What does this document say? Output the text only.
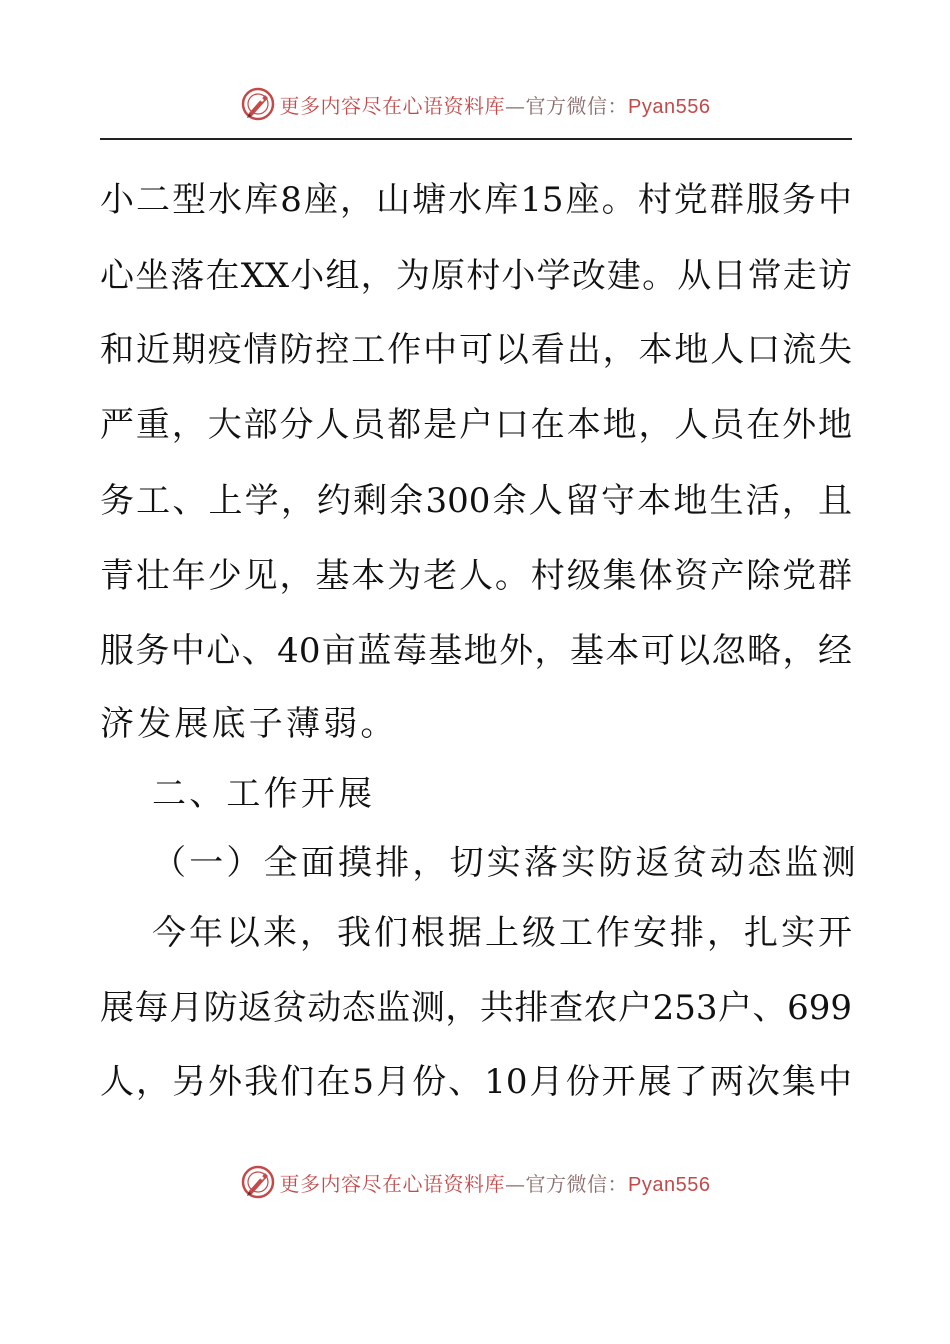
更多内容尽在心语资料库—官方微信：Pyan556
小二型水库8座，山塘水库15座。村党群服务中
心坐落在XX小组，为原村小学改建。从日常走访
和近期疫情防控工作中可以看出，本地人口流失
严重，大部分人员都是户口在本地，人员在外地
务工、上学，约剩余300余人留守本地生活，且
青壮年少见，基本为老人。村级集体资产除党群
服务中心、40亩蓝莓基地外，基本可以忽略，经
济发展底子薄弱。
二、工作开展
（一）全面摸排，切实落实防返贫动态监测
今年以来，我们根据上级工作安排，扎实开
展每月防返贫动态监测，共排查农户253户、699
人，另外我们在5月份、10月份开展了两次集中
更多内容尽在心语资料库—官方微信：Pyan556
